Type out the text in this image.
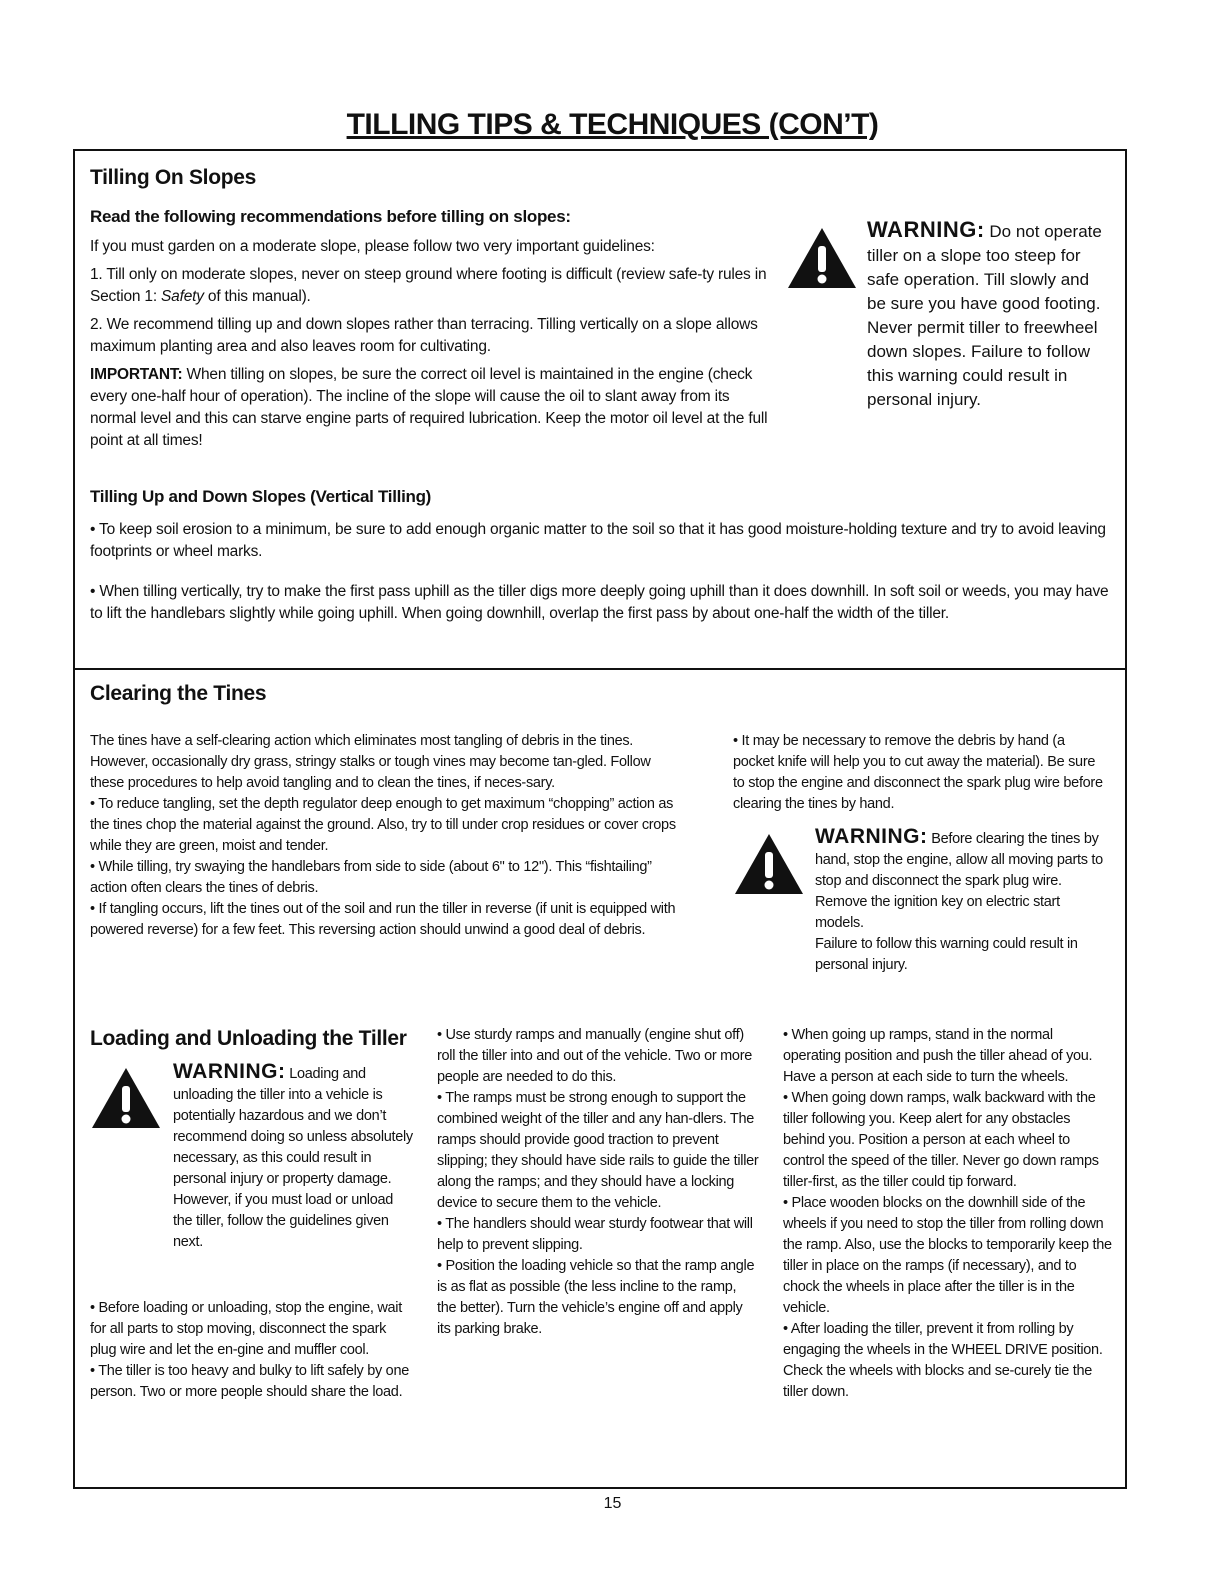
TILLING TIPS & TECHNIQUES (CON’T)
Tilling On Slopes
Read the following recommendations before tilling on slopes:

If you must garden on a moderate slope, please follow two very important guidelines:

1. Till only on moderate slopes, never on steep ground where footing is difficult (review safe-ty rules in Section 1: Safety of this manual).

2. We recommend tilling up and down slopes rather than terracing. Tilling vertically on a slope allows maximum planting area and also leaves room for cultivating.

IMPORTANT: When tilling on slopes, be sure the correct oil level is maintained in the engine (check every one-half hour of operation). The incline of the slope will cause the oil to slant away from its normal level and this can starve engine parts of required lubrication. Keep the motor oil level at the full point at all times!

WARNING: Do not operate tiller on a slope too steep for safe operation. Till slowly and be sure you have good footing. Never permit tiller to freewheel down slopes. Failure to follow this warning could result in personal injury.
Tilling Up and Down Slopes (Vertical Tilling)

• To keep soil erosion to a minimum, be sure to add enough organic matter to the soil so that it has good moisture-holding texture and try to avoid leaving footprints or wheel marks.

• When tilling vertically, try to make the first pass uphill as the tiller digs more deeply going uphill than it does downhill. In soft soil or weeds, you may have to lift the handlebars slightly while going uphill. When going downhill, overlap the first pass by about one-half the width of the tiller.

Clearing the Tines

The tines have a self-clearing action which eliminates most tangling of debris in the tines. However, occasionally dry grass, stringy stalks or tough vines may become tan-gled. Follow these procedures to help avoid tangling and to clean the tines, if neces-sary.

• To reduce tangling, set the depth regulator deep enough to get maximum “chopping” action as the tines chop the material against the ground. Also, try to till under crop residues or cover crops while they are green, moist and tender.

• While tilling, try swaying the handlebars from side to side (about 6" to 12"). This “fishtailing” action often clears the tines of debris.

• If tangling occurs, lift the tines out of the soil and run the tiller in reverse (if unit is equipped with powered reverse) for a few feet. This reversing action should unwind a good deal of debris.

• It may be necessary to remove the debris by hand (a pocket knife will help you to cut away the material). Be sure to stop the engine and disconnect the spark plug wire before clearing the tines by hand.

WARNING: Before clearing the tines by hand, stop the engine, allow all moving parts to stop and disconnect the spark plug wire. Remove the ignition key on electric start models.
Failure to follow this warning could result in personal injury.
Loading and Unloading the Tiller
WARNING: Loading and unloading the tiller into a vehicle is potentially hazardous and we don’t recommend doing so unless absolutely necessary, as this could result in personal injury or property damage.
However, if you must load or unload the tiller, follow the guidelines given next.

• Before loading or unloading, stop the engine, wait for all parts to stop moving, disconnect the spark plug wire and let the en-gine and muffler cool.

• The tiller is too heavy and bulky to lift safely by one person. Two or more people should share the load.

• Use sturdy ramps and manually (engine shut off) roll the tiller into and out of the vehicle. Two or more people are needed to do this.

• The ramps must be strong enough to support the combined weight of the tiller and any han-dlers. The ramps should provide good traction to prevent slipping; they should have side rails to guide the tiller along the ramps; and they should have a locking device to secure them to the vehicle.

• The handlers should wear sturdy footwear that will help to prevent slipping.

• Position the loading vehicle so that the ramp angle is as flat as possible (the less incline to the ramp, the better). Turn the vehicle’s engine off and apply its parking brake.

• When going up ramps, stand in the normal operating position and push the tiller ahead of you. Have a person at each side to turn the wheels.

• When going down ramps, walk backward with the tiller following you. Keep alert for any obstacles behind you. Position a person at each wheel to control the speed of the tiller. Never go down ramps tiller-first, as the tiller could tip forward.

• Place wooden blocks on the downhill side of the wheels if you need to stop the tiller from rolling down the ramp. Also, use the blocks to temporarily keep the tiller in place on the ramps (if necessary), and to chock the wheels in place after the tiller is in the vehicle.

• After loading the tiller, prevent it from rolling by engaging the wheels in the WHEEL DRIVE position. Check the wheels with blocks and se-curely tie the tiller down.

15
